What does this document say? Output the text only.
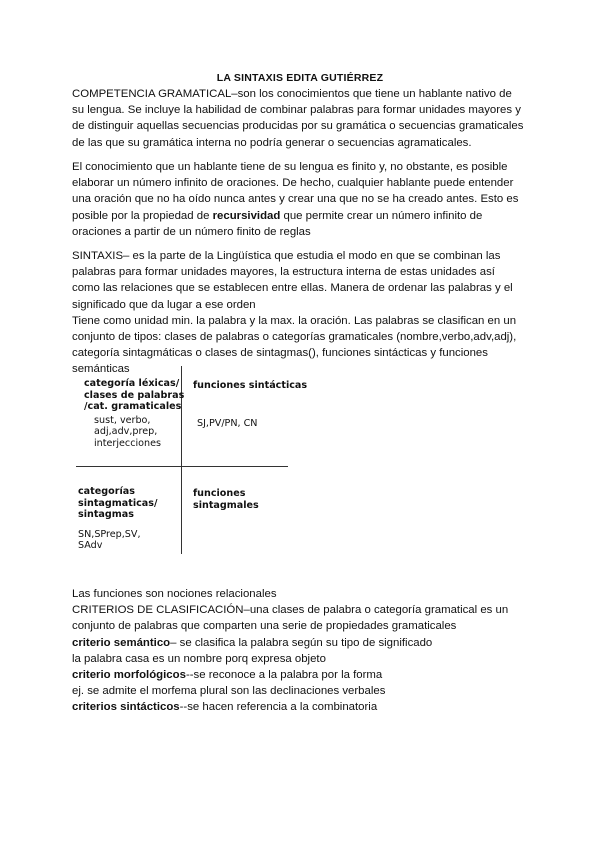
LA SINTAXIS EDITA GUTIÉRREZ

COMPETENCIA GRAMATICAL–son los conocimientos que tiene un hablante nativo de su lengua. Se incluye la habilidad de combinar palabras para formar unidades mayores y de distinguir aquellas secuencias producidas por su gramática o secuencias gramaticales de las que su gramática interna no podría generar o secuencias agramaticales.

El conocimiento que un hablante tiene de su lengua es finito y, no obstante, es posible elaborar un número infinito de oraciones. De hecho, cualquier hablante puede entender una oración que no ha oído nunca antes y crear una que no se ha creado antes. Esto es posible por la propiedad de recursividad que permite crear un número infinito de oraciones a partir de un número finito de reglas

SINTAXIS– es la parte de la Lingüística que estudia el modo en que se combinan las palabras para formar unidades mayores, la estructura interna de estas unidades así como las relaciones que se establecen entre ellas. Manera de ordenar las palabras y el significado que da lugar a ese orden

Tiene como unidad min. la palabra y la max. la oración. Las palabras se clasifican en un conjunto de tipos: clases de palabras o categorías gramaticales (nombre,verbo,adv,adj), categoría sintagmáticas o clases de sintagmas(), funciones sintácticas y funciones semánticas

categoría léxicas/
clases de palabras
/cat. gramaticales
sust, verbo,
adj,adv,prep,
interjecciones
funciones sintácticas
SJ,PV/PN, CN
categorías
sintagmaticas/
sintagmas
SN,SPrep,SV,
SAdv
funciones
sintagmales
Las funciones son nociones relacionales
CRITERIOS DE CLASIFICACIÓN–una clases de palabra o categoría gramatical es un
conjunto de palabras que comparten una serie de propiedades gramaticales
criterio semántico– se clasifica la palabra según su tipo de significado
la palabra casa es un nombre porq expresa objeto
criterio morfológicos--se reconoce a la palabra por la forma
ej. se admite el morfema plural son las declinaciones verbales
criterios sintácticos--se hacen referencia a la combinatoria
